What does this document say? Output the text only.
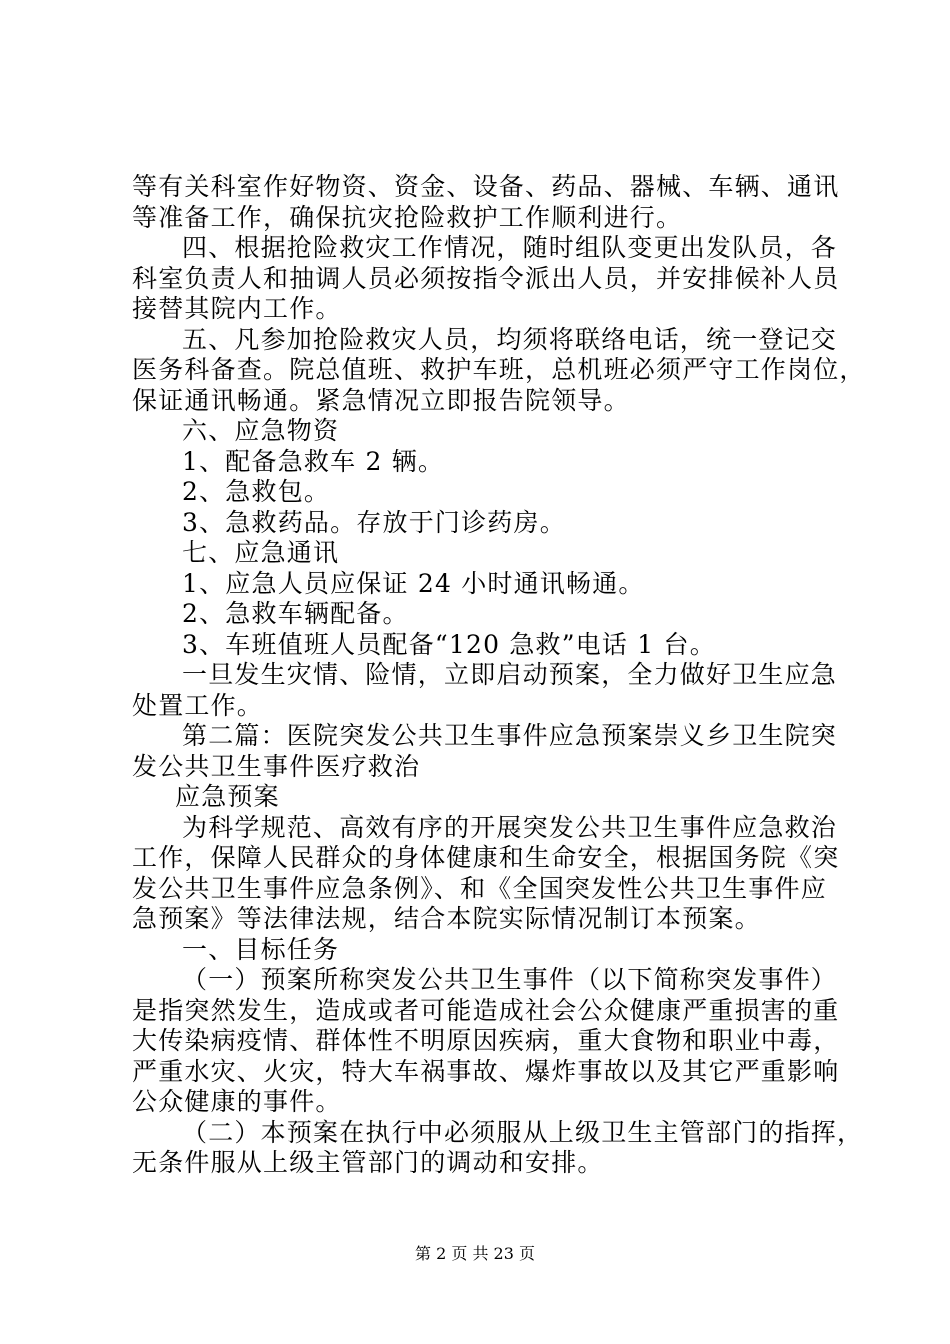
等有关科室作好物资、资金、设备、药品、器械、车辆、通讯
等准备工作，确保抗灾抢险救护工作顺利进行。
四、根据抢险救灾工作情况，随时组队变更出发队员，各
科室负责人和抽调人员必须按指令派出人员，并安排候补人员
接替其院内工作。
五、凡参加抢险救灾人员，均须将联络电话，统一登记交
医务科备查。院总值班、救护车班，总机班必须严守工作岗位，
保证通讯畅通。紧急情况立即报告院领导。
六、应急物资
1、配备急救车 2 辆。
2、急救包。
3、急救药品。存放于门诊药房。
七、应急通讯
1、应急人员应保证 24 小时通讯畅通。
2、急救车辆配备。
3、车班值班人员配备“120 急救”电话 1 台。
一旦发生灾情、险情，立即启动预案，全力做好卫生应急
处置工作。
第二篇：医院突发公共卫生事件应急预案崇义乡卫生院突
发公共卫生事件医疗救治
应急预案
为科学规范、高效有序的开展突发公共卫生事件应急救治
工作，保障人民群众的身体健康和生命安全，根据国务院《突
发公共卫生事件应急条例》、和《全国突发性公共卫生事件应
急预案》等法律法规，结合本院实际情况制订本预案。
一、目标任务
（一）预案所称突发公共卫生事件（以下简称突发事件）
是指突然发生，造成或者可能造成社会公众健康严重损害的重
大传染病疫情、群体性不明原因疾病，重大食物和职业中毒，
严重水灾、火灾，特大车祸事故、爆炸事故以及其它严重影响
公众健康的事件。
（二）本预案在执行中必须服从上级卫生主管部门的指挥，
无条件服从上级主管部门的调动和安排。
第 2 页 共 23 页
